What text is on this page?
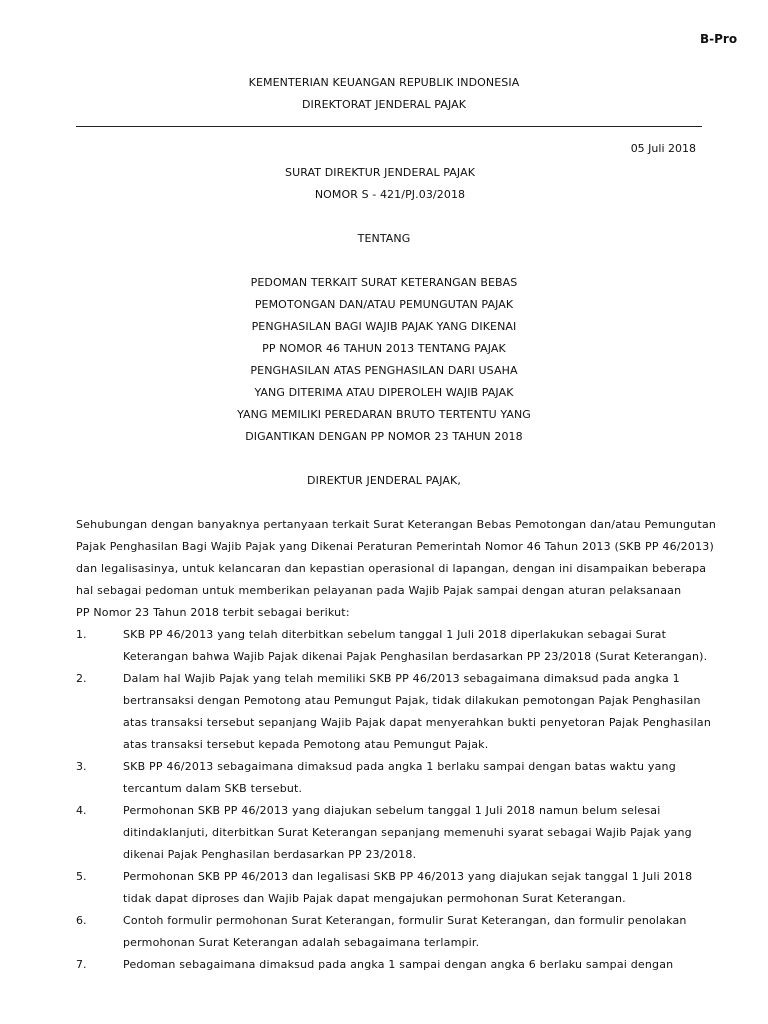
B-Pro
KEMENTERIAN KEUANGAN REPUBLIK INDONESIA
DIREKTORAT JENDERAL PAJAK
05 Juli 2018
SURAT DIREKTUR JENDERAL PAJAK
NOMOR S - 421/PJ.03/2018
TENTANG
PEDOMAN TERKAIT SURAT KETERANGAN BEBAS
PEMOTONGAN DAN/ATAU PEMUNGUTAN PAJAK
PENGHASILAN BAGI WAJIB PAJAK YANG DIKENAI
PP NOMOR 46 TAHUN 2013 TENTANG PAJAK
PENGHASILAN ATAS PENGHASILAN DARI USAHA
YANG DITERIMA ATAU DIPEROLEH WAJIB PAJAK
YANG MEMILIKI PEREDARAN BRUTO TERTENTU YANG
DIGANTIKAN DENGAN PP NOMOR 23 TAHUN 2018
DIREKTUR JENDERAL PAJAK,
Sehubungan dengan banyaknya pertanyaan terkait Surat Keterangan Bebas Pemotongan dan/atau Pemungutan
Pajak Penghasilan Bagi Wajib Pajak yang Dikenai Peraturan Pemerintah Nomor 46 Tahun 2013 (SKB PP 46/2013)
dan legalisasinya, untuk kelancaran dan kepastian operasional di lapangan, dengan ini disampaikan beberapa
hal sebagai pedoman untuk memberikan pelayanan pada Wajib Pajak sampai dengan aturan pelaksanaan
PP Nomor 23 Tahun 2018 terbit sebagai berikut:
1.	SKB PP 46/2013 yang telah diterbitkan sebelum tanggal 1 Juli 2018 diperlakukan sebagai Surat
Keterangan bahwa Wajib Pajak dikenai Pajak Penghasilan berdasarkan PP 23/2018 (Surat Keterangan).
2.	Dalam hal Wajib Pajak yang telah memiliki SKB PP 46/2013 sebagaimana dimaksud pada angka 1
bertransaksi dengan Pemotong atau Pemungut Pajak, tidak dilakukan pemotongan Pajak Penghasilan
atas transaksi tersebut sepanjang Wajib Pajak dapat menyerahkan bukti penyetoran Pajak Penghasilan
atas transaksi tersebut kepada Pemotong atau Pemungut Pajak.
3.	SKB PP 46/2013 sebagaimana dimaksud pada angka 1 berlaku sampai dengan batas waktu yang
tercantum dalam SKB tersebut.
4.	Permohonan SKB PP 46/2013 yang diajukan sebelum tanggal 1 Juli 2018 namun belum selesai
ditindaklanjuti, diterbitkan Surat Keterangan sepanjang memenuhi syarat sebagai Wajib Pajak yang
dikenai Pajak Penghasilan berdasarkan PP 23/2018.
5.	Permohonan SKB PP 46/2013 dan legalisasi SKB PP 46/2013 yang diajukan sejak tanggal 1 Juli 2018
tidak dapat diproses dan Wajib Pajak dapat mengajukan permohonan Surat Keterangan.
6.	Contoh formulir permohonan Surat Keterangan, formulir Surat Keterangan, dan formulir penolakan
permohonan Surat Keterangan adalah sebagaimana terlampir.
7.	Pedoman sebagaimana dimaksud pada angka 1 sampai dengan angka 6 berlaku sampai dengan
